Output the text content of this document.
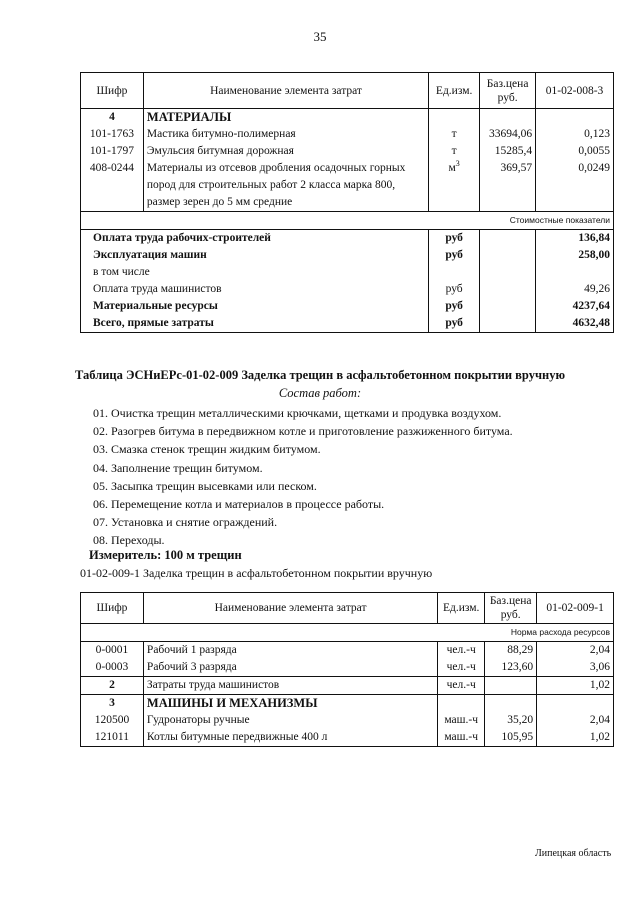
35
Шифр	Наименование элемента затрат	Ед.изм.	Баз.цена руб.	01-02-008-3
4	МАТЕРИАЛЫ			
101-1763	Мастика битумно-полимерная	т	33694,06	0,123
101-1797	Эмульсия битумная дорожная	т	15285,4	0,0055
408-0244	Материалы из отсевов дробления осадочных горных пород для строительных работ 2 класса марка 800, размер зерен до 5 мм средние	$м^3$	369,57	0,0249
Стоимостные показатели				
Оплата труда рабочих-строителей		руб		136,84
Эксплуатация машин		руб		258,00
в том числе				
Оплата труда машинистов		руб		49,26
Материальные ресурсы		руб		4237,64
Всего, прямые затраты		руб		4632,48
Таблица ЭСНиЕРс-01-02-009 Заделка трещин в асфальтобетонном покрытии вручную
Состав работ:
01. Очистка трещин металлическими крючками, щетками и продувка воздухом.
02. Разогрев битума в передвижном котле и приготовление разжиженного битума.
03. Смазка стенок трещин жидким битумом.
04. Заполнение трещин битумом.
05. Засыпка трещин высевками или песком.
06. Перемещение котла и материалов в процессе работы.
07. Установка и снятие ограждений.
08. Переходы.
Измеритель: 100 м трещин
01-02-009-1 Заделка трещин в асфальтобетонном покрытии вручную
Шифр	Наименование элемента затрат	Ед.изм.	Баз.цена руб.	01-02-009-1
Норма расхода ресурсов				
0-0001	Рабочий 1 разряда	чел.-ч	88,29	2,04
0-0003	Рабочий 3 разряда	чел.-ч	123,60	3,06
2	Затраты труда машинистов	чел.-ч		1,02
3	МАШИНЫ И МЕХАНИЗМЫ			
120500	Гудронаторы ручные	маш.-ч	35,20	2,04
121011	Котлы битумные передвижные 400 л	маш.-ч	105,95	1,02
Липецкая область
